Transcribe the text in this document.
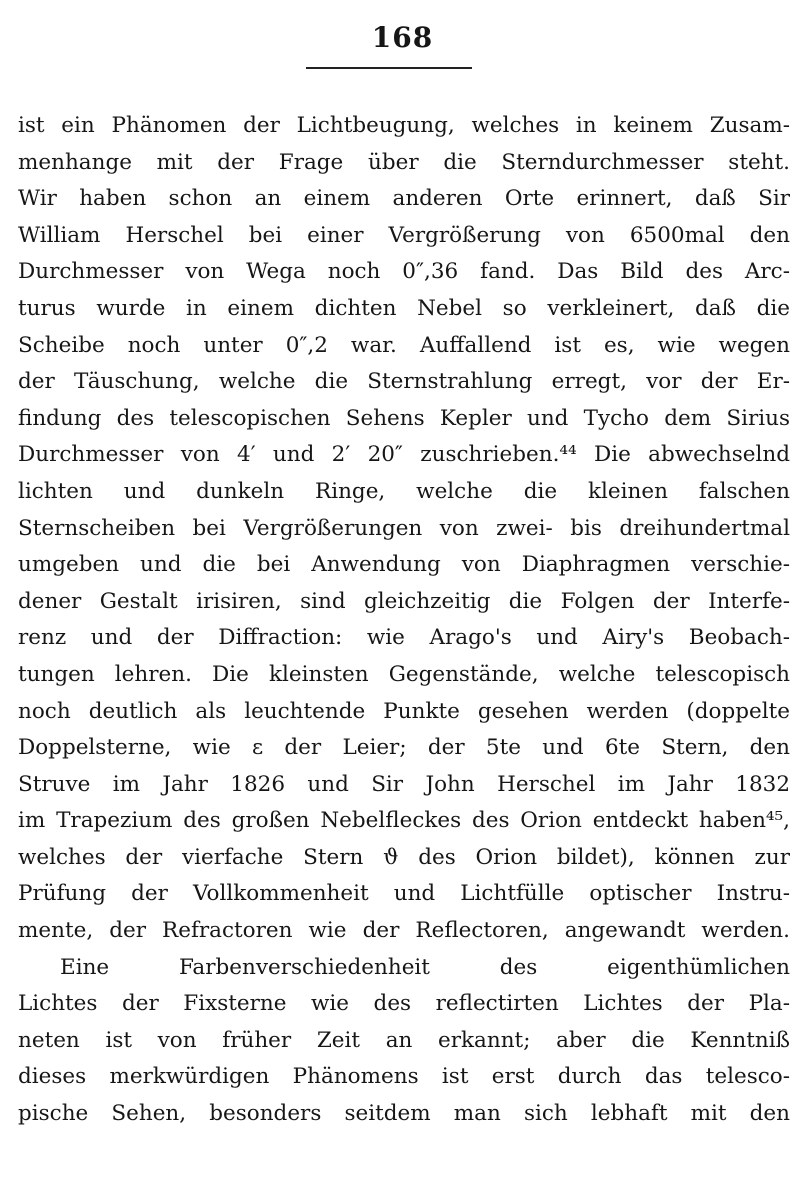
168
ist ein Phänomen der Lichtbeugung, welches in keinem Zusam-
menhange mit der Frage über die Sterndurchmesser steht.
Wir haben schon an einem anderen Orte erinnert, daß Sir
William Herschel bei einer Vergrößerung von 6500mal den
Durchmesser von Wega noch 0″,36 fand. Das Bild des Arc-
turus wurde in einem dichten Nebel so verkleinert, daß die
Scheibe noch unter 0″,2 war. Auffallend ist es, wie wegen
der Täuschung, welche die Sternstrahlung erregt, vor der Er-
findung des telescopischen Sehens Kepler und Tycho dem Sirius
Durchmesser von 4′ und 2′ 20″ zuschrieben.⁴⁴ Die abwechselnd
lichten und dunkeln Ringe, welche die kleinen falschen
Sternscheiben bei Vergrößerungen von zwei- bis dreihundertmal
umgeben und die bei Anwendung von Diaphragmen verschie-
dener Gestalt irisiren, sind gleichzeitig die Folgen der Interfe-
renz und der Diffraction: wie Arago's und Airy's Beobach-
tungen lehren. Die kleinsten Gegenstände, welche telescopisch
noch deutlich als leuchtende Punkte gesehen werden (doppelte
Doppelsterne, wie ε der Leier; der 5te und 6te Stern, den
Struve im Jahr 1826 und Sir John Herschel im Jahr 1832
im Trapezium des großen Nebelfleckes des Orion entdeckt haben⁴⁵,
welches der vierfache Stern ϑ des Orion bildet), können zur
Prüfung der Vollkommenheit und Lichtfülle optischer Instru-
mente, der Refractoren wie der Reflectoren, angewandt werden.
Eine Farbenverschiedenheit des eigenthümlichen
Lichtes der Fixsterne wie des reflectirten Lichtes der Pla-
neten ist von früher Zeit an erkannt; aber die Kenntniß
dieses merkwürdigen Phänomens ist erst durch das telesco-
pische Sehen, besonders seitdem man sich lebhaft mit den
